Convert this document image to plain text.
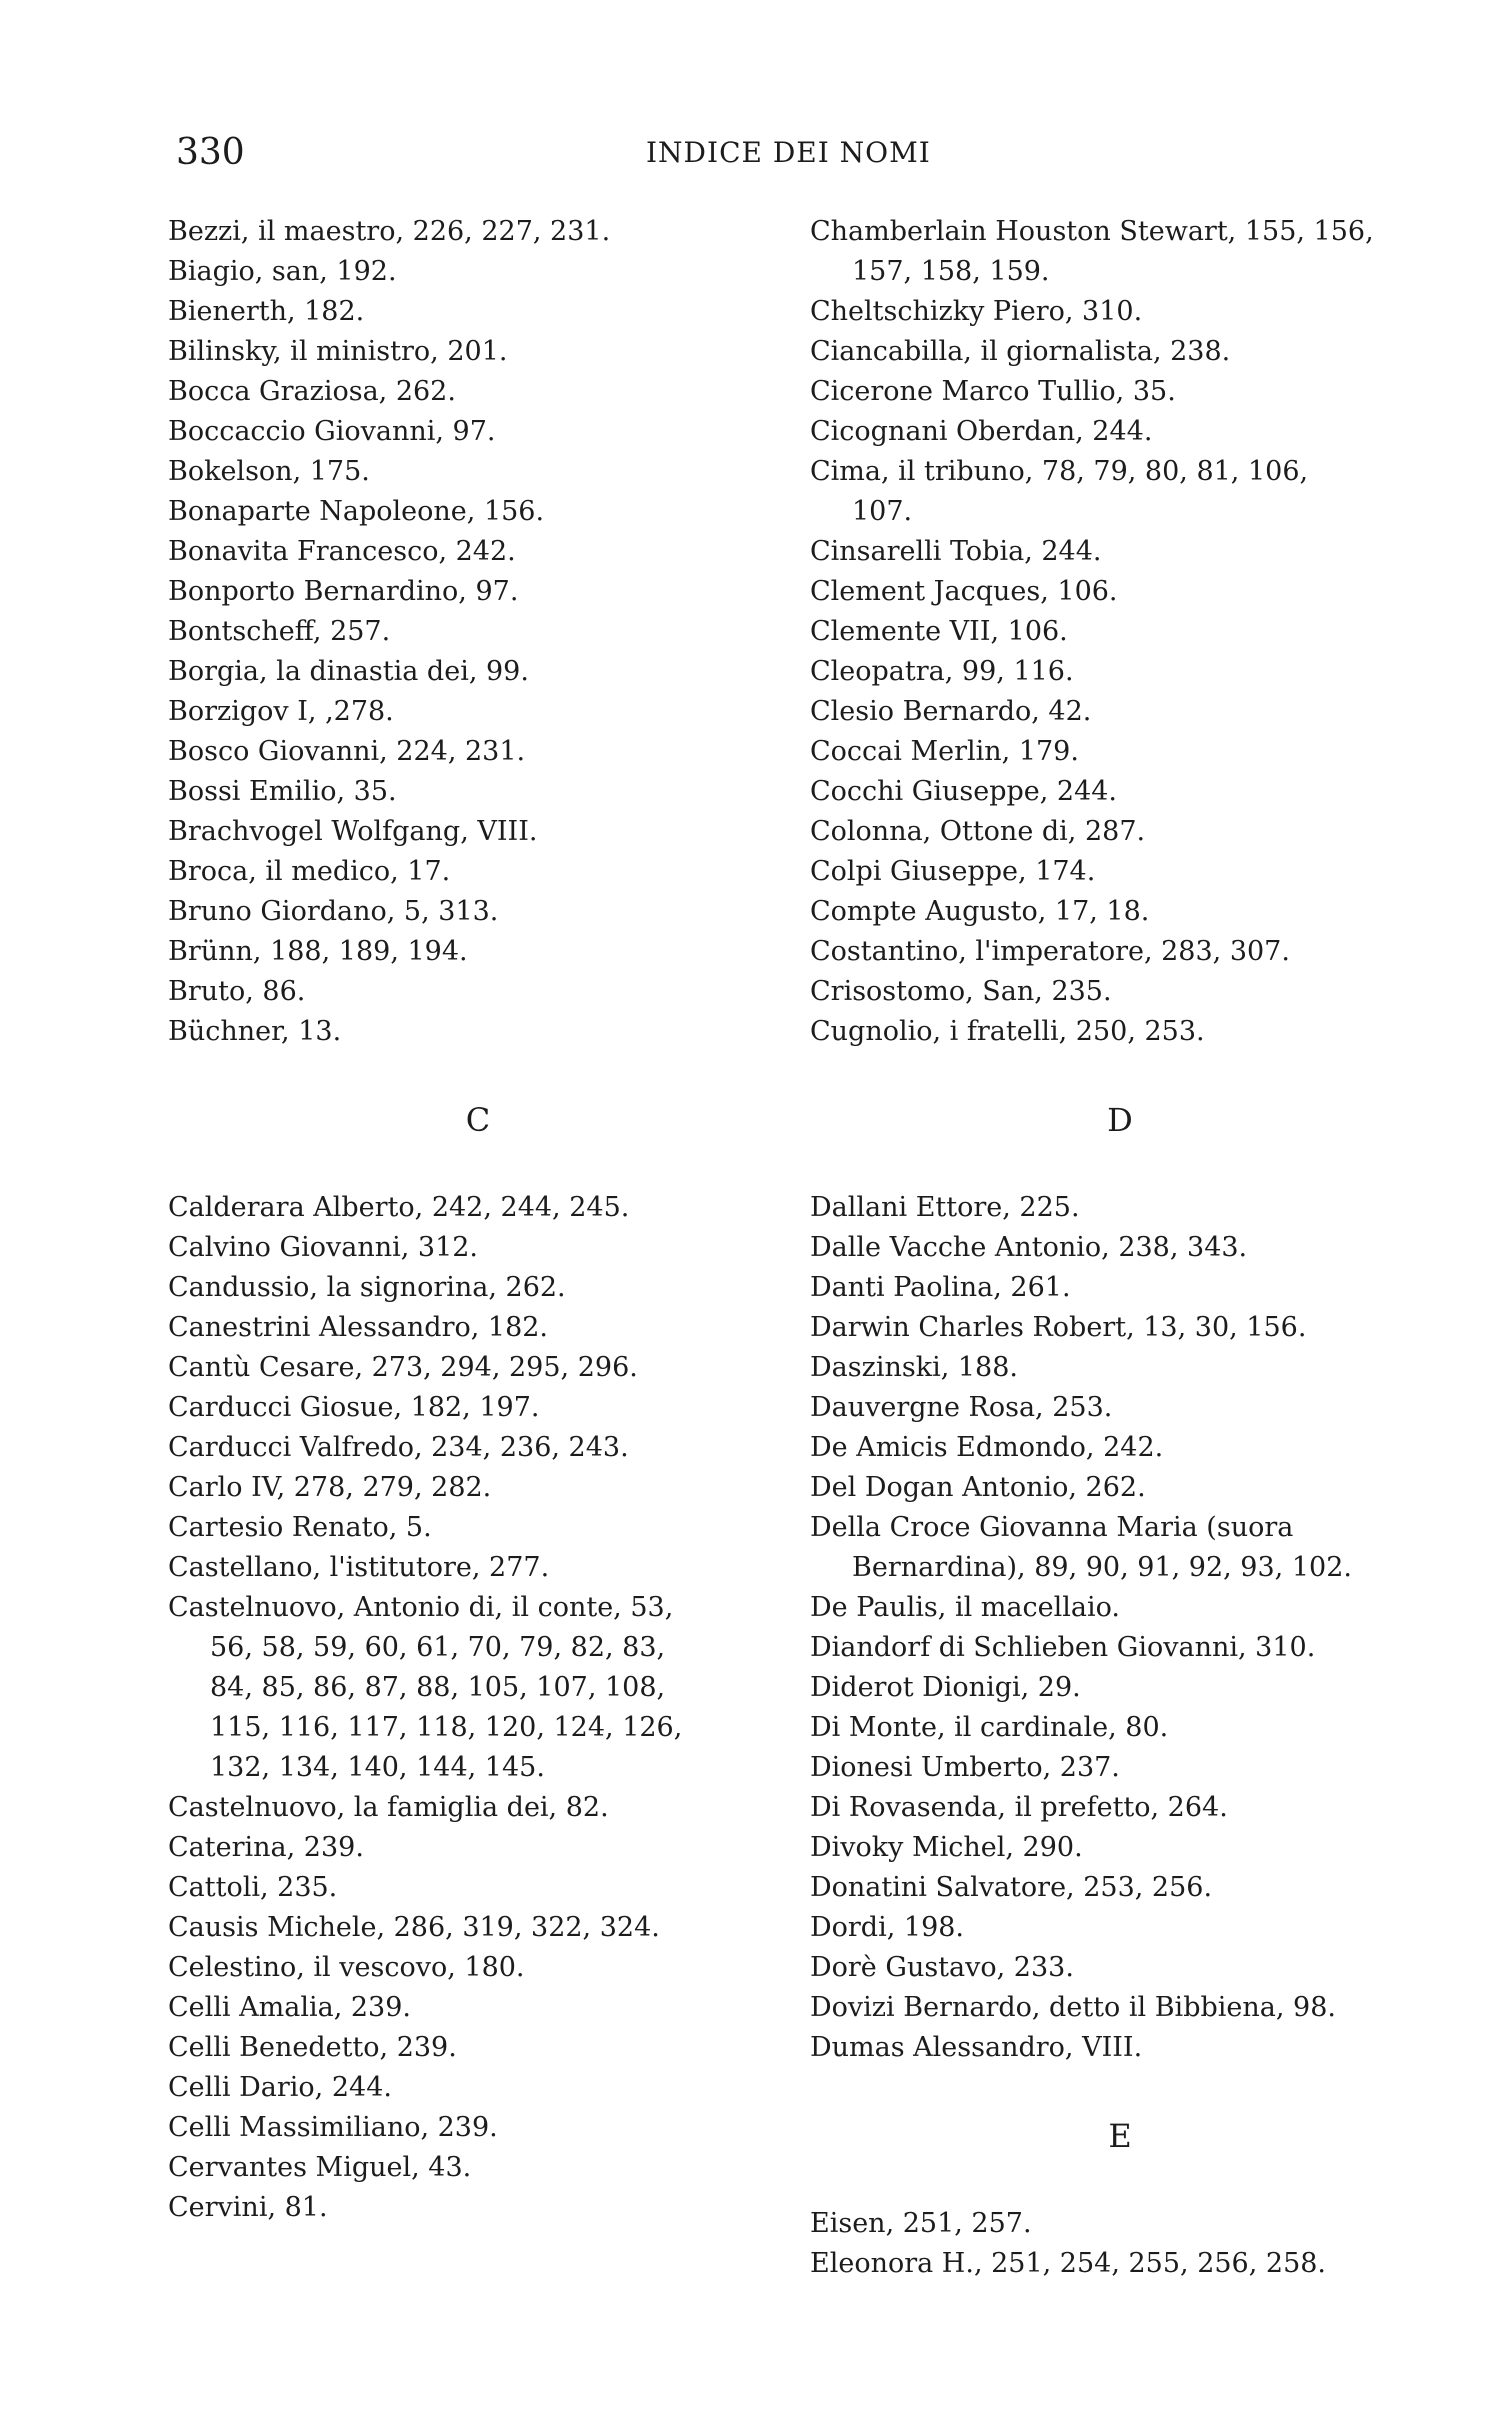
330	INDICE DEI NOMI
Bezzi, il maestro, 226, 227, 231.
Biagio, san, 192.
Bienerth, 182.
Bilinsky, il ministro, 201.
Bocca Graziosa, 262.
Boccaccio Giovanni, 97.
Bokelson, 175.
Bonaparte Napoleone, 156.
Bonavita Francesco, 242.
Bonporto Bernardino, 97.
Bontscheff, 257.
Borgia, la dinastia dei, 99.
Borzigov I, ,278.
Bosco Giovanni, 224, 231.
Bossi Emilio, 35.
Brachvogel Wolfgang, VIII.
Broca, il medico, 17.
Bruno Giordano, 5, 313.
Brünn, 188, 189, 194.
Bruto, 86.
Büchner, 13.
C
Calderara Alberto, 242, 244, 245.
Calvino Giovanni, 312.
Candussio, la signorina, 262.
Canestrini Alessandro, 182.
Cantù Cesare, 273, 294, 295, 296.
Carducci Giosue, 182, 197.
Carducci Valfredo, 234, 236, 243.
Carlo IV, 278, 279, 282.
Cartesio Renato, 5.
Castellano, l'istitutore, 277.
Castelnuovo, Antonio di, il conte, 53,
56, 58, 59, 60, 61, 70, 79, 82, 83,
84, 85, 86, 87, 88, 105, 107, 108,
115, 116, 117, 118, 120, 124, 126,
132, 134, 140, 144, 145.
Castelnuovo, la famiglia dei, 82.
Caterina, 239.
Cattoli, 235.
Causis Michele, 286, 319, 322, 324.
Celestino, il vescovo, 180.
Celli Amalia, 239.
Celli Benedetto, 239.
Celli Dario, 244.
Celli Massimiliano, 239.
Cervantes Miguel, 43.
Cervini, 81.
Chamberlain Houston Stewart, 155, 156,
157, 158, 159.
Cheltschizky Piero, 310.
Ciancabilla, il giornalista, 238.
Cicerone Marco Tullio, 35.
Cicognani Oberdan, 244.
Cima, il tribuno, 78, 79, 80, 81, 106,
107.
Cinsarelli Tobia, 244.
Clement Jacques, 106.
Clemente VII, 106.
Cleopatra, 99, 116.
Clesio Bernardo, 42.
Coccai Merlin, 179.
Cocchi Giuseppe, 244.
Colonna, Ottone di, 287.
Colpi Giuseppe, 174.
Compte Augusto, 17, 18.
Costantino, l'imperatore, 283, 307.
Crisostomo, San, 235.
Cugnolio, i fratelli, 250, 253.
D
Dallani Ettore, 225.
Dalle Vacche Antonio, 238, 343.
Danti Paolina, 261.
Darwin Charles Robert, 13, 30, 156.
Daszinski, 188.
Dauvergne Rosa, 253.
De Amicis Edmondo, 242.
Del Dogan Antonio, 262.
Della Croce Giovanna Maria (suora
Bernardina), 89, 90, 91, 92, 93, 102.
De Paulis, il macellaio.
Diandorf di Schlieben Giovanni, 310.
Diderot Dionigi, 29.
Di Monte, il cardinale, 80.
Dionesi Umberto, 237.
Di Rovasenda, il prefetto, 264.
Divoky Michel, 290.
Donatini Salvatore, 253, 256.
Dordi, 198.
Dorè Gustavo, 233.
Dovizi Bernardo, detto il Bibbiena, 98.
Dumas Alessandro, VIII.
E
Eisen, 251, 257.
Eleonora H., 251, 254, 255, 256, 258.
